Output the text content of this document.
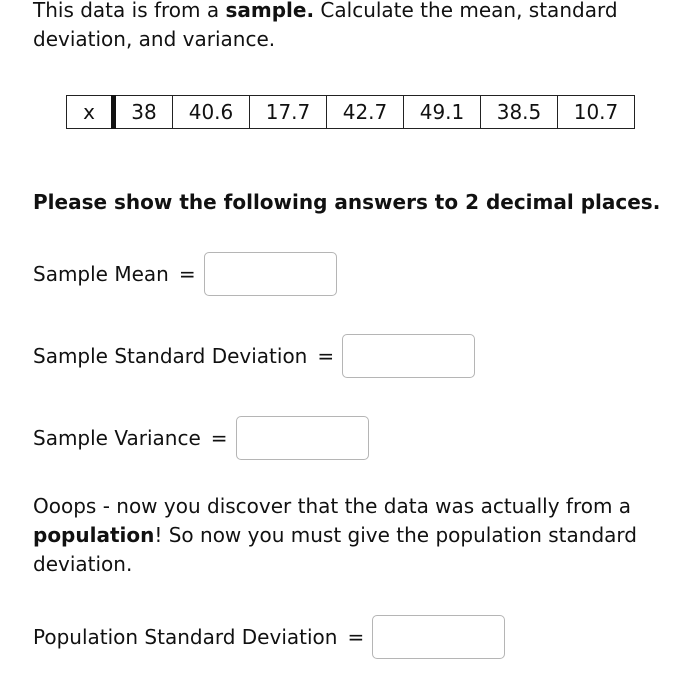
This data is from a sample. Calculate the mean, standard deviation, and variance.

x	38	40.6	17.7	42.7	49.1	38.5	10.7

Please show the following answers to 2 decimal places.

Sample Mean =
Sample Standard Deviation =
Sample Variance =

Ooops - now you discover that the data was actually from a population! So now you must give the population standard deviation.

Population Standard Deviation =
